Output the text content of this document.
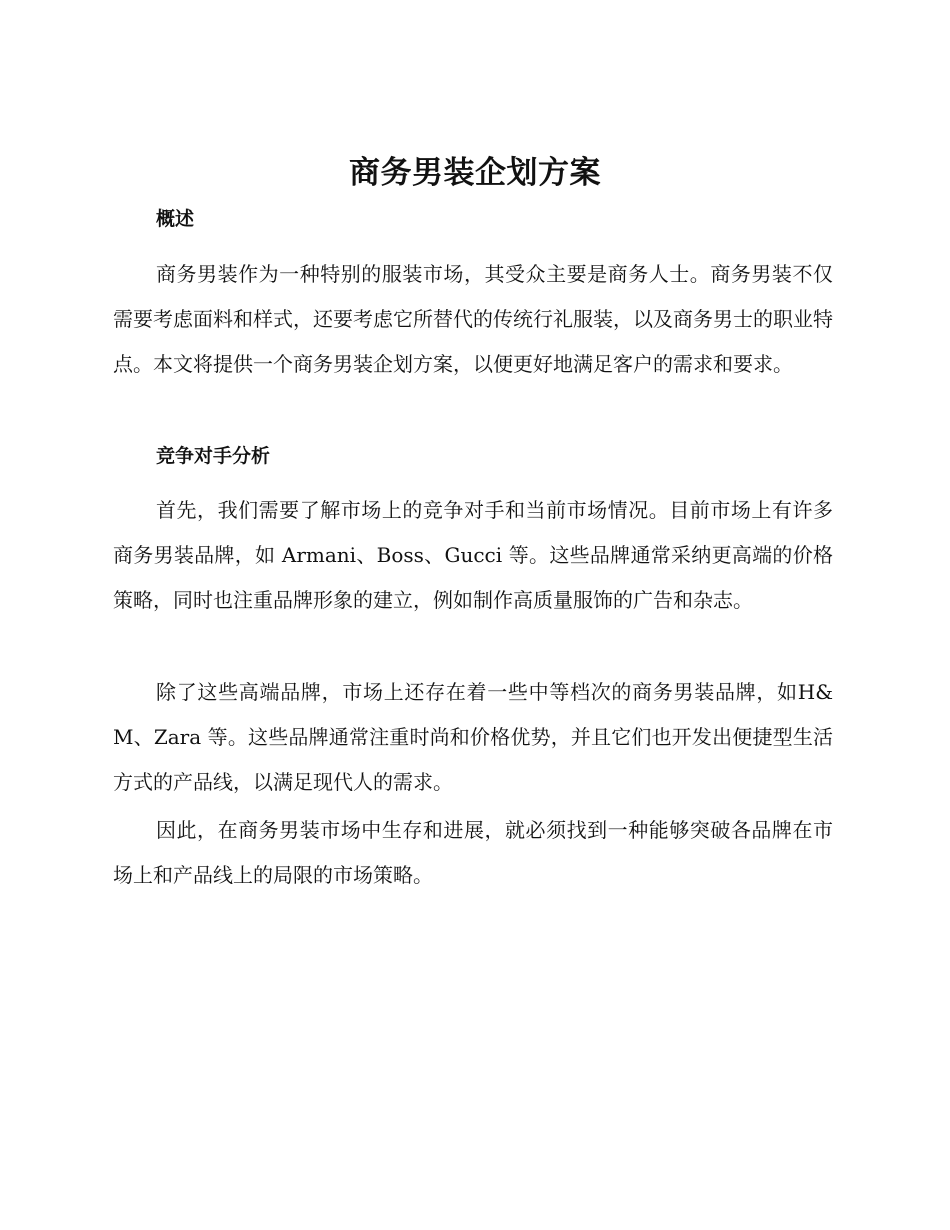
商务男装企划方案
概述

商务男装作为一种特别的服装市场，其受众主要是商务人士。商务男装不仅需要考虑面料和样式，还要考虑它所替代的传统行礼服装，以及商务男士的职业特点。本文将提供一个商务男装企划方案，以便更好地满足客户的需求和要求。

竞争对手分析

首先，我们需要了解市场上的竞争对手和当前市场情况。目前市场上有许多商务男装品牌，如 Armani、Boss、Gucci 等。这些品牌通常采纳更高端的价格策略，同时也注重品牌形象的建立，例如制作高质量服饰的广告和杂志。

除了这些高端品牌，市场上还存在着一些中等档次的商务男装品牌，如H&M、Zara 等。这些品牌通常注重时尚和价格优势，并且它们也开发出便捷型生活方式的产品线，以满足现代人的需求。

因此，在商务男装市场中生存和进展，就必须找到一种能够突破各品牌在市场上和产品线上的局限的市场策略。
